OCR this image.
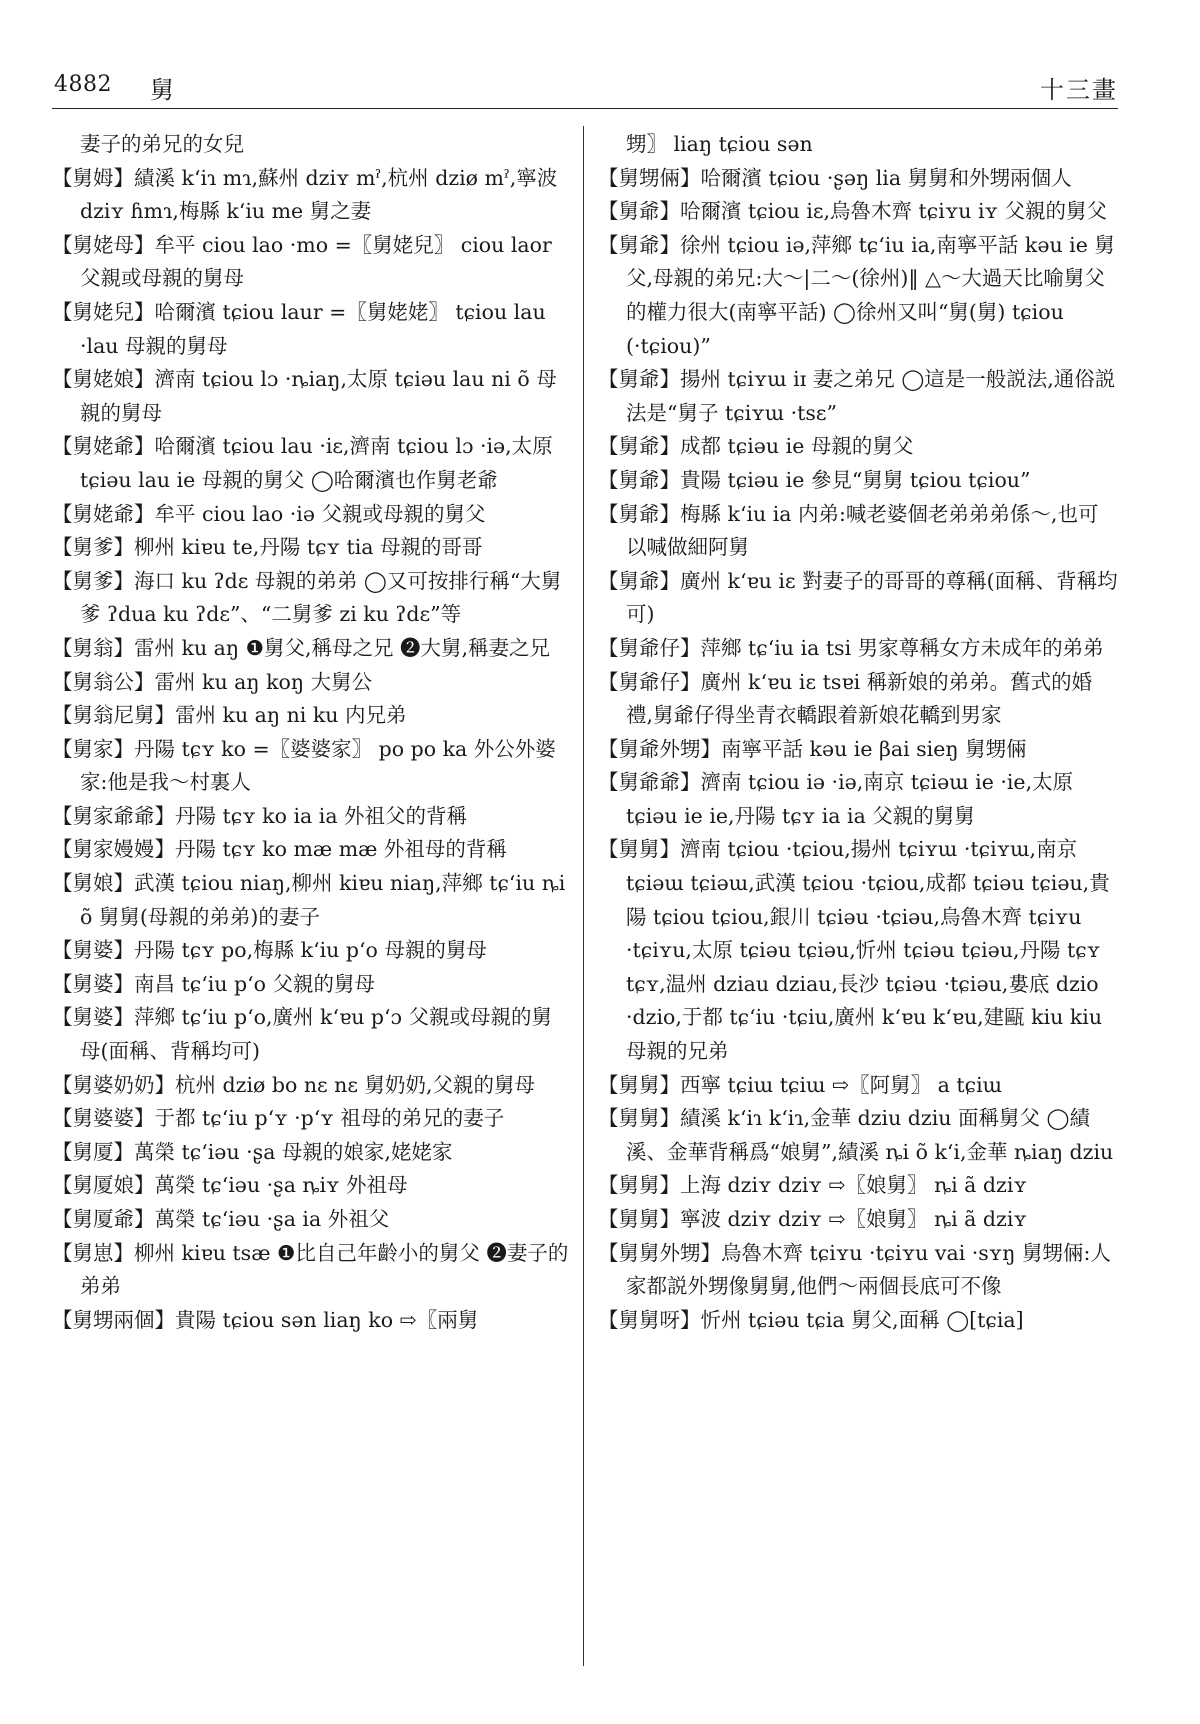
4882 舅	十三畫

妻子的弟兄的女兒

【舅姆】績溪 kʻiɿ mɿ,蘇州 dziʏ mˀ,杭州 dziø mˀ,寧波 dziʏ ɦmɿ,梅縣 kʻiu me 舅之妻

【舅姥母】牟平 ciou lao ·mo =〖舅姥兒〗 ciou laor 父親或母親的舅母

【舅姥兒】哈爾濱 tɕiou laur =〖舅姥姥〗 tɕiou lau ·lau 母親的舅母

【舅姥娘】濟南 tɕiou lɔ ·ȵiaŋ,太原 tɕiəu lau ni õ 母親的舅母

【舅姥爺】哈爾濱 tɕiou lau ·iɛ,濟南 tɕiou lɔ ·iə,太原 tɕiəu lau ie 母親的舅父 ◯哈爾濱也作舅老爺

【舅姥爺】牟平 ciou lao ·iə 父親或母親的舅父

【舅爹】柳州 kiɐu te,丹陽 tɕʏ tia 母親的哥哥

【舅爹】海口 ku ʔdɛ 母親的弟弟 ◯又可按排行稱“大舅爹 ʔdua ku ʔdɛ”、“二舅爹 zi ku ʔdɛ”等

【舅翁】雷州 ku aŋ ❶舅父,稱母之兄 ❷大舅,稱妻之兄

【舅翁公】雷州 ku aŋ koŋ 大舅公

【舅翁尼舅】雷州 ku aŋ ni ku 内兄弟

【舅家】丹陽 tɕʏ ko =〖婆婆家〗 po po ka 外公外婆家:他是我～村裏人

【舅家爺爺】丹陽 tɕʏ ko ia ia 外祖父的背稱

【舅家嫚嫚】丹陽 tɕʏ ko mæ mæ 外祖母的背稱

【舅娘】武漢 tɕiou niaŋ,柳州 kiɐu niaŋ,萍鄉 tɕʻiu ȵi õ 舅舅(母親的弟弟)的妻子

【舅婆】丹陽 tɕʏ po,梅縣 kʻiu pʻo 母親的舅母

【舅婆】南昌 tɕʻiu pʻo 父親的舅母

【舅婆】萍鄉 tɕʻiu pʻo,廣州 kʻɐu pʻɔ 父親或母親的舅母(面稱、背稱均可)

【舅婆奶奶】杭州 dziø bo nɛ nɛ 舅奶奶,父親的舅母

【舅婆婆】于都 tɕʻiu pʻʏ ·pʻʏ 祖母的弟兄的妻子

【舅厦】萬榮 tɕʻiəu ·ʂa 母親的娘家,姥姥家

【舅厦娘】萬榮 tɕʻiəu ·ʂa ȵiʏ 外祖母

【舅厦爺】萬榮 tɕʻiəu ·ʂa ia 外祖父

【舅崽】柳州 kiɐu tsæ ❶比自己年齡小的舅父 ❷妻子的弟弟

【舅甥兩個】貴陽 tɕiou sən liaŋ ko ⇨〖兩舅

甥〗 liaŋ tɕiou sən

【舅甥倆】哈爾濱 tɕiou ·ʂəŋ lia 舅舅和外甥兩個人

【舅爺】哈爾濱 tɕiou iɛ,烏魯木齊 tɕiʏu iʏ 父親的舅父

【舅爺】徐州 tɕiou iə,萍鄉 tɕʻiu ia,南寧平話 kəu ie 舅父,母親的弟兄:大～|二～(徐州)‖ △～大過天比喻舅父的權力很大(南寧平話) ◯徐州又叫“舅(舅) tɕiou (·tɕiou)”

【舅爺】揚州 tɕiʏɯ iɪ 妻之弟兄 ◯這是一般説法,通俗説法是“舅子 tɕiʏɯ ·tsɛ”

【舅爺】成都 tɕiəu ie 母親的舅父

【舅爺】貴陽 tɕiəu ie 參見“舅舅 tɕiou tɕiou”

【舅爺】梅縣 kʻiu ia 内弟:喊老婆個老弟弟弟係～,也可以喊做細阿舅

【舅爺】廣州 kʻɐu iɛ 對妻子的哥哥的尊稱(面稱、背稱均可)

【舅爺仔】萍鄉 tɕʻiu ia tsi 男家尊稱女方未成年的弟弟

【舅爺仔】廣州 kʻɐu iɛ tsɐi 稱新娘的弟弟。舊式的婚禮,舅爺仔得坐青衣轎跟着新娘花轎到男家

【舅爺外甥】南寧平話 kəu ie βai sieŋ 舅甥倆

【舅爺爺】濟南 tɕiou iə ·iə,南京 tɕiəɯ ie ·ie,太原 tɕiəu ie ie,丹陽 tɕʏ ia ia 父親的舅舅

【舅舅】濟南 tɕiou ·tɕiou,揚州 tɕiʏɯ ·tɕiʏɯ,南京 tɕiəɯ tɕiəɯ,武漢 tɕiou ·tɕiou,成都 tɕiəu tɕiəu,貴陽 tɕiou tɕiou,銀川 tɕiəu ·tɕiəu,烏魯木齊 tɕiʏu ·tɕiʏu,太原 tɕiəu tɕiəu,忻州 tɕiəu tɕiəu,丹陽 tɕʏ tɕʏ,温州 dziau dziau,長沙 tɕiəu ·tɕiəu,婁底 dzio ·dzio,于都 tɕʻiu ·tɕiu,廣州 kʻɐu kʻɐu,建甌 kiu kiu 母親的兄弟

【舅舅】西寧 tɕiɯ tɕiɯ ⇨〖阿舅〗 a tɕiɯ

【舅舅】績溪 kʻiɿ kʻiɿ,金華 dziu dziu 面稱舅父 ◯績溪、金華背稱爲“娘舅”,績溪 ȵi õ kʻi,金華 ȵiaŋ dziu

【舅舅】上海 dziʏ dziʏ ⇨〖娘舅〗 ȵi ã dziʏ

【舅舅】寧波 dziʏ dziʏ ⇨〖娘舅〗 ȵi ã dziʏ

【舅舅外甥】烏魯木齊 tɕiʏu ·tɕiʏu vai ·sʏŋ 舅甥倆:人家都説外甥像舅舅,他們～兩個長底可不像

【舅舅呀】忻州 tɕiəu tɕia 舅父,面稱 ◯[tɕia]
